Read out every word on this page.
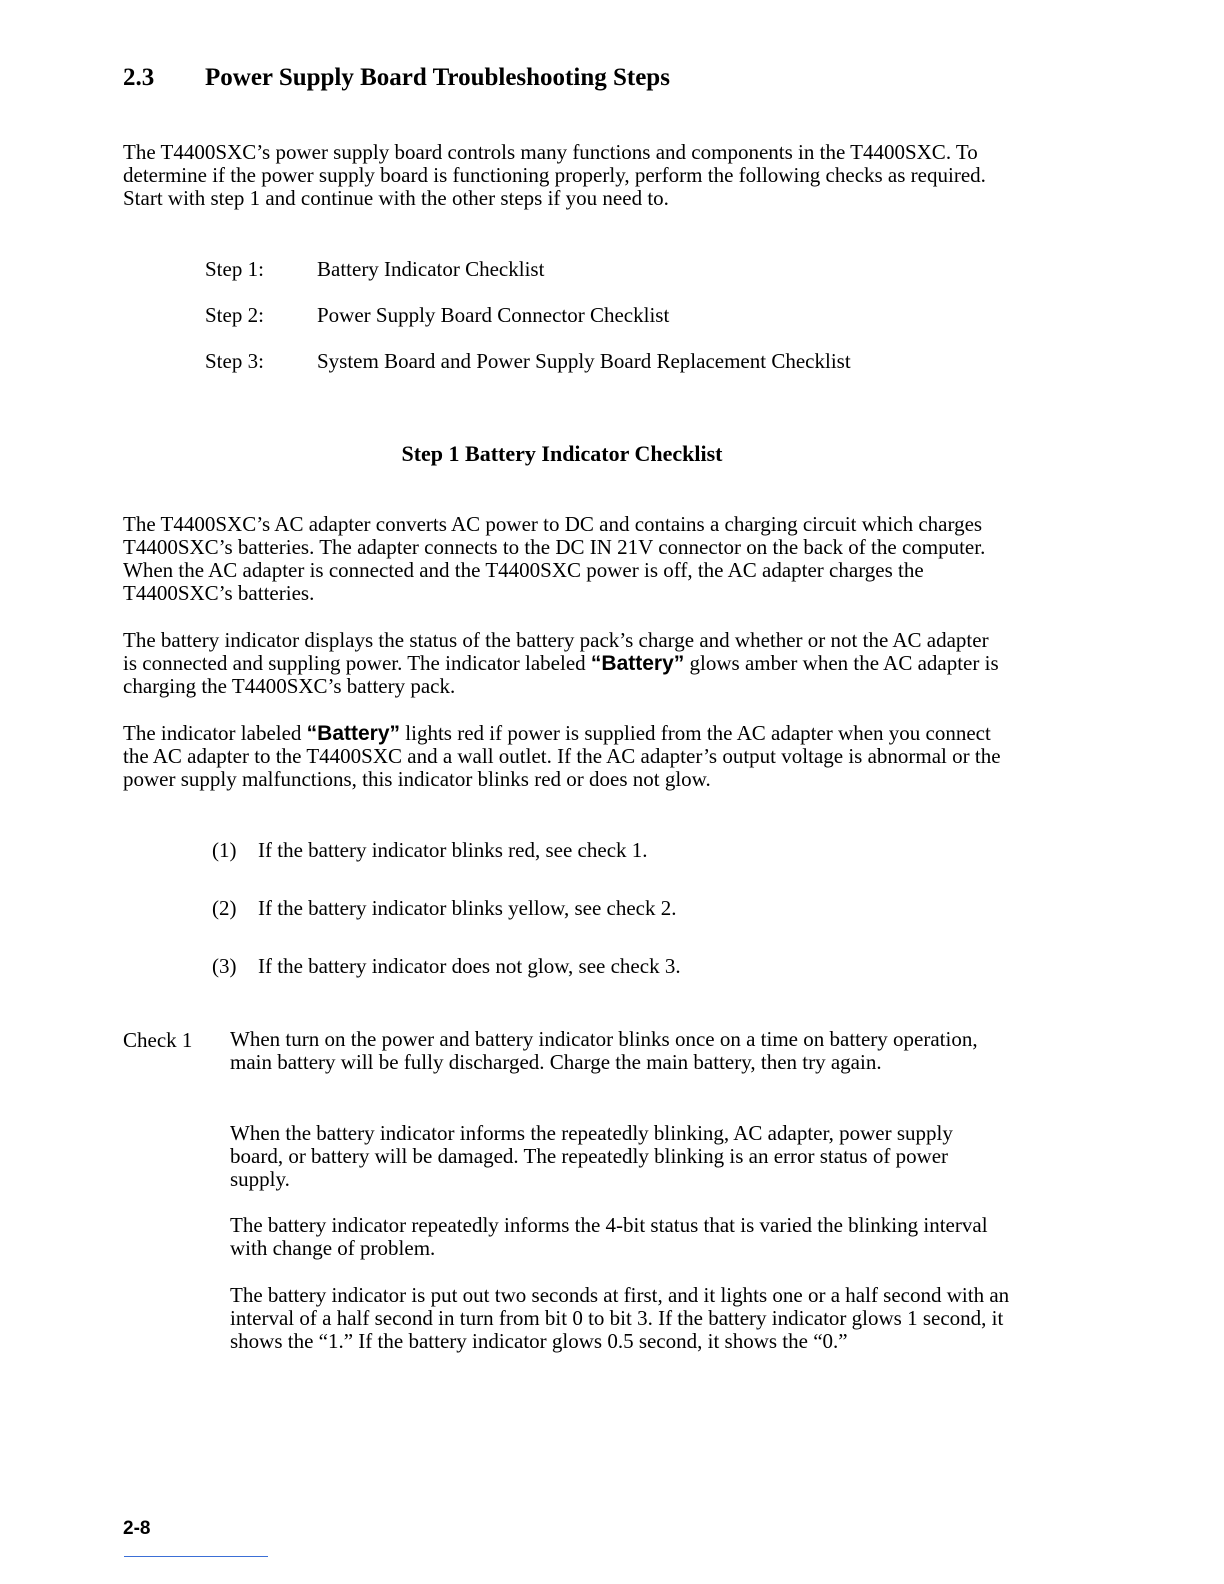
2.3 Power Supply Board Troubleshooting Steps

The T4400SXC’s power supply board controls many functions and components in the T4400SXC. To determine if the power supply board is functioning properly, perform the following checks as required. Start with step 1 and continue with the other steps if you need to.

Step 1:	Battery Indicator Checklist
Step 2:	Power Supply Board Connector Checklist
Step 3:	System Board and Power Supply Board Replacement Checklist
Step 1 Battery Indicator Checklist

The T4400SXC’s AC adapter converts AC power to DC and contains a charging circuit which charges T4400SXC’s batteries. The adapter connects to the DC IN 21V connector on the back of the computer. When the AC adapter is connected and the T4400SXC power is off, the AC adapter charges the T4400SXC’s batteries.

The battery indicator displays the status of the battery pack’s charge and whether or not the AC adapter is connected and suppling power. The indicator labeled “Battery” glows amber when the AC adapter is charging the T4400SXC’s battery pack.

The indicator labeled “Battery” lights red if power is supplied from the AC adapter when you connect the AC adapter to the T4400SXC and a wall outlet. If the AC adapter’s output voltage is abnormal or the power supply malfunctions, this indicator blinks red or does not glow.

(1) If the battery indicator blinks red, see check 1.
(2) If the battery indicator blinks yellow, see check 2.
(3) If the battery indicator does not glow, see check 3.
Check 1 When turn on the power and battery indicator blinks once on a time on battery operation, main battery will be fully discharged. Charge the main battery, then try again.

When the battery indicator informs the repeatedly blinking, AC adapter, power supply board, or battery will be damaged. The repeatedly blinking is an error status of power supply.

The battery indicator repeatedly informs the 4-bit status that is varied the blinking interval with change of problem.

The battery indicator is put out two seconds at first, and it lights one or a half second with an interval of a half second in turn from bit 0 to bit 3. If the battery indicator glows 1 second, it shows the “1.” If the battery indicator glows 0.5 second, it shows the “0.”

2-8
